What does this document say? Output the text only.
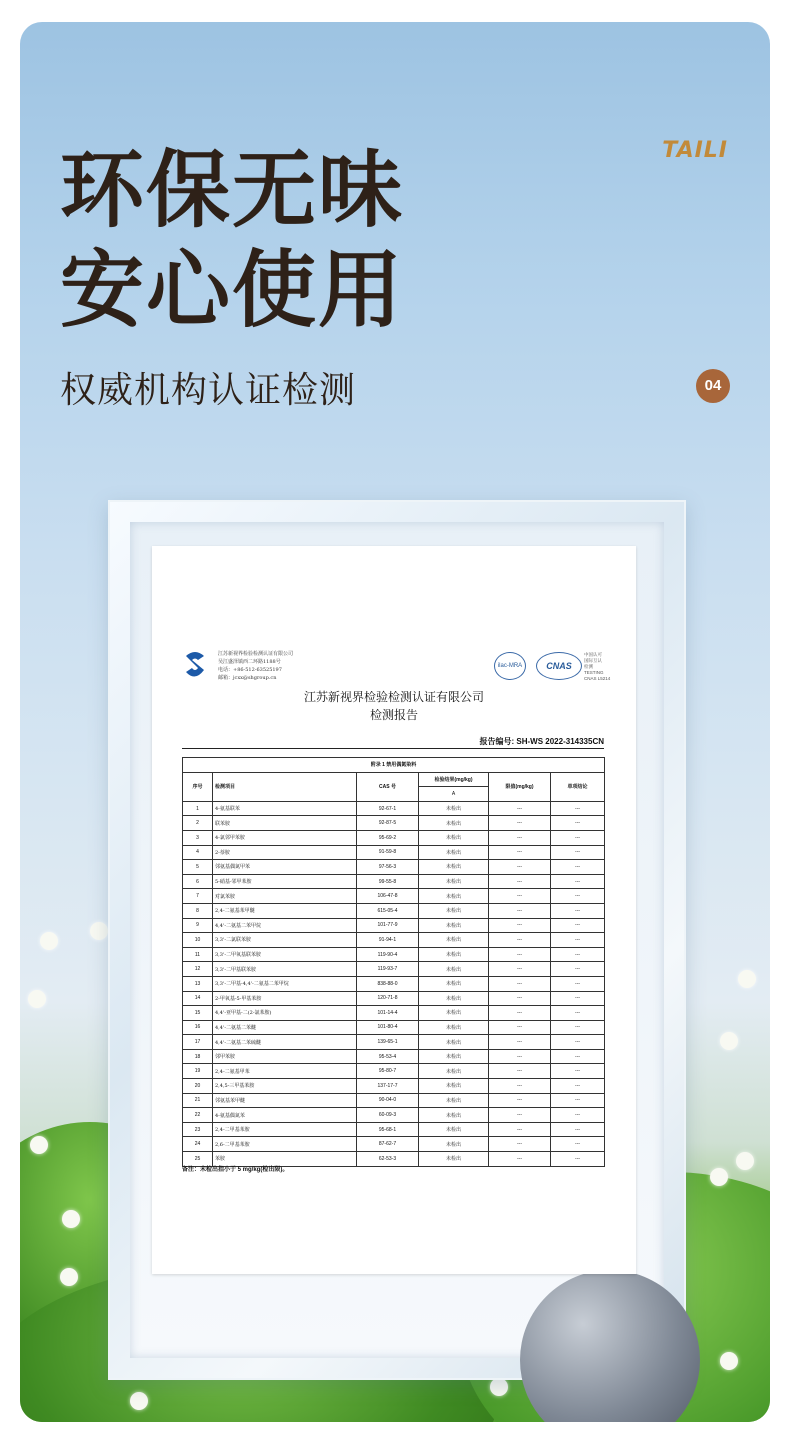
TAILI
环保无味
安心使用
权威机构认证检测	04
江苏新视界检验检测认证有限公司
吴江盛泽镇西二环路1188号
电话：+86-512-63525197
邮箱：jcxx@shgroup.cn
ilac-MRA	CNAS
中国认可
国际互认
检测
TESTING
CNAS L5214
江苏新视界检验检测认证有限公司
检测报告
报告编号: SH-WS 2022-314335CN
附录 1 禁用偶氮染料					
序号	检测项目	CAS 号	检验结果(mg/kg)	限值(mg/kg)	单项结论
			A		
1	4-氨基联苯	92-67-1	未检出	---	---
2	联苯胺	92-87-5	未检出	---	---
3	4-氯邻甲苯胺	95-69-2	未检出	---	---
4	2-萘胺	91-59-8	未检出	---	---
5	邻氨基偶氮甲苯	97-56-3	未检出	---	---
6	5-硝基-邻甲苯胺	99-55-8	未检出	---	---
7	对氯苯胺	106-47-8	未检出	---	---
8	2,4-二氨基苯甲醚	615-05-4	未检出	---	---
9	4,4'-二氨基二苯甲烷	101-77-9	未检出	---	---
10	3,3'-二氯联苯胺	91-94-1	未检出	---	---
11	3,3'-二甲氧基联苯胺	119-90-4	未检出	---	---
12	3,3'-二甲基联苯胺	119-93-7	未检出	---	---
13	3,3'-二甲基-4,4'-二氨基二苯甲烷	838-88-0	未检出	---	---
14	2-甲氧基-5-甲基苯胺	120-71-8	未检出	---	---
15	4,4'-亚甲基-二(2-氯苯胺)	101-14-4	未检出	---	---
16	4,4'-二氨基二苯醚	101-80-4	未检出	---	---
17	4,4'-二氨基二苯硫醚	139-65-1	未检出	---	---
18	邻甲苯胺	95-53-4	未检出	---	---
19	2,4-二氨基甲苯	95-80-7	未检出	---	---
20	2,4,5-三甲基苯胺	137-17-7	未检出	---	---
21	邻氨基苯甲醚	90-04-0	未检出	---	---
22	4-氨基偶氮苯	60-09-3	未检出	---	---
23	2,4-二甲基苯胺	95-68-1	未检出	---	---
24	2,6-二甲基苯胺	87-62-7	未检出	---	---
25	苯胺	62-53-3	未检出	---	---
备注：未检出指小于 5 mg/kg(检出限)。
